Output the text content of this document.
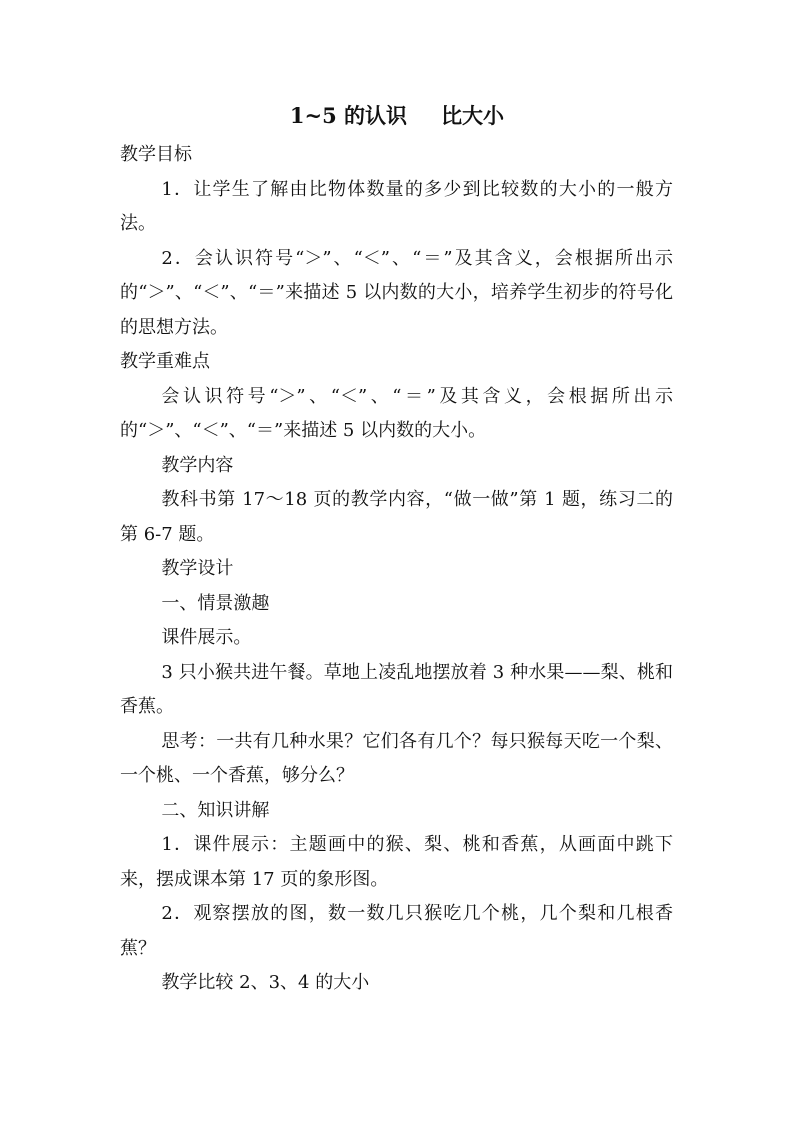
1~5 的认识 比大小

教学目标

1．让学生了解由比物体数量的多少到比较数的大小的一般方法。

2．会认识符号“＞”、“＜”、“＝”及其含义，会根据所出示的“＞”、“＜”、“＝”来描述 5 以内数的大小，培养学生初步的符号化的思想方法。

教学重难点

会认识符号“＞”、“＜”、“＝”及其含义，会根据所出示的“＞”、“＜”、“＝”来描述 5 以内数的大小。

教学内容

教科书第 17～18 页的教学内容，“做一做”第 1 题，练习二的第 6-7 题。

教学设计

一、情景激趣

课件展示。

3 只小猴共进午餐。草地上凌乱地摆放着 3 种水果——梨、桃和香蕉。

思考：一共有几种水果？它们各有几个？每只猴每天吃一个梨、一个桃、一个香蕉，够分么？

二、知识讲解

1．课件展示：主题画中的猴、梨、桃和香蕉，从画面中跳下来，摆成课本第 17 页的象形图。

2．观察摆放的图，数一数几只猴吃几个桃，几个梨和几根香蕉？

教学比较 2、3、4 的大小
